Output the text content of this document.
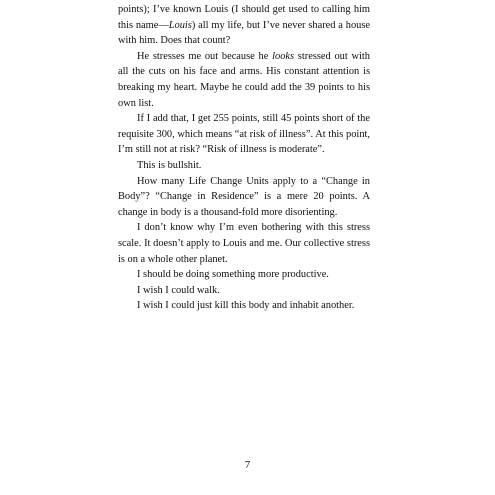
points); I’ve known Louis (I should get used to calling him this name—Louis) all my life, but I’ve never shared a house with him. Does that count?

He stresses me out because he looks stressed out with all the cuts on his face and arms. His constant attention is breaking my heart. Maybe he could add the 39 points to his own list.

If I add that, I get 255 points, still 45 points short of the requisite 300, which means “at risk of illness”. At this point, I’m still not at risk? “Risk of illness is moderate”.

This is bullshit.

How many Life Change Units apply to a “Change in Body”? “Change in Residence” is a mere 20 points. A change in body is a thousand-fold more disorienting.

I don’t know why I’m even bothering with this stress scale. It doesn’t apply to Louis and me. Our collective stress is on a whole other planet.

I should be doing something more productive.

I wish I could walk.

I wish I could just kill this body and inhabit another.

7
